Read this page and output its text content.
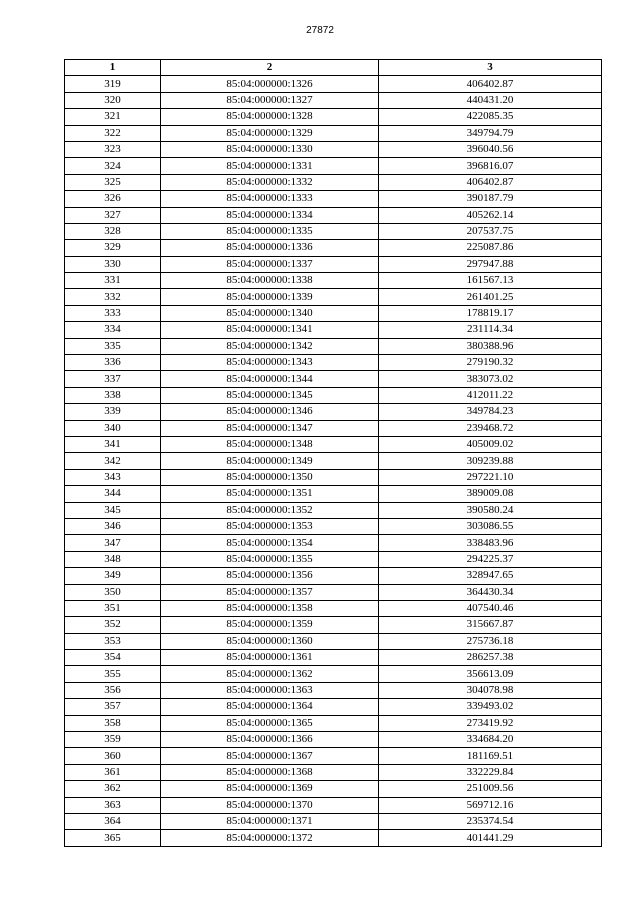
27872
1	2	3
319	85:04:000000:1326	406402.87
320	85:04:000000:1327	440431.20
321	85:04:000000:1328	422085.35
322	85:04:000000:1329	349794.79
323	85:04:000000:1330	396040.56
324	85:04:000000:1331	396816.07
325	85:04:000000:1332	406402.87
326	85:04:000000:1333	390187.79
327	85:04:000000:1334	405262.14
328	85:04:000000:1335	207537.75
329	85:04:000000:1336	225087.86
330	85:04:000000:1337	297947.88
331	85:04:000000:1338	161567.13
332	85:04:000000:1339	261401.25
333	85:04:000000:1340	178819.17
334	85:04:000000:1341	231114.34
335	85:04:000000:1342	380388.96
336	85:04:000000:1343	279190.32
337	85:04:000000:1344	383073.02
338	85:04:000000:1345	412011.22
339	85:04:000000:1346	349784.23
340	85:04:000000:1347	239468.72
341	85:04:000000:1348	405009.02
342	85:04:000000:1349	309239.88
343	85:04:000000:1350	297221.10
344	85:04:000000:1351	389009.08
345	85:04:000000:1352	390580.24
346	85:04:000000:1353	303086.55
347	85:04:000000:1354	338483.96
348	85:04:000000:1355	294225.37
349	85:04:000000:1356	328947.65
350	85:04:000000:1357	364430.34
351	85:04:000000:1358	407540.46
352	85:04:000000:1359	315667.87
353	85:04:000000:1360	275736.18
354	85:04:000000:1361	286257.38
355	85:04:000000:1362	356613.09
356	85:04:000000:1363	304078.98
357	85:04:000000:1364	339493.02
358	85:04:000000:1365	273419.92
359	85:04:000000:1366	334684.20
360	85:04:000000:1367	181169.51
361	85:04:000000:1368	332229.84
362	85:04:000000:1369	251009.56
363	85:04:000000:1370	569712.16
364	85:04:000000:1371	235374.54
365	85:04:000000:1372	401441.29
